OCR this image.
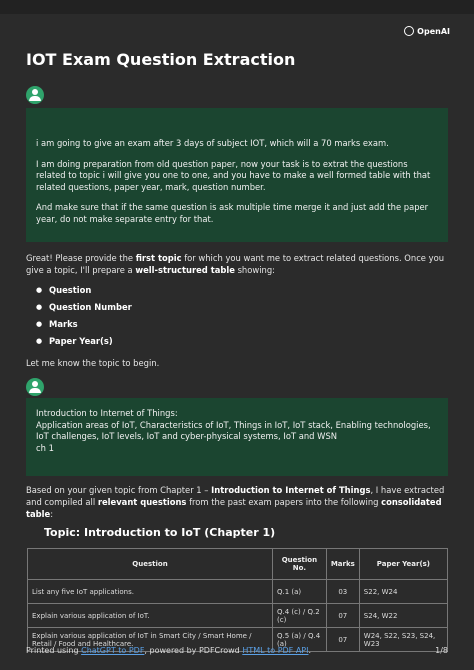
OpenAI
IOT Exam Question Extraction

i am going to give an exam after 3 days of subject IOT, which will a 70 marks exam.

I am doing preparation from old question paper, now your task is to extrat the questions related to topic i will give you one to one, and you have to make a well formed table with that related questions, paper year, mark, question number.

And make sure that if the same question is ask multiple time merge it and just add the paper year, do not make separate entry for that.

Great! Please provide the first topic for which you want me to extract related questions. Once you give a topic, I'll prepare a well-structured table showing:

● Question
● Question Number
● Marks
● Paper Year(s)

Let me know the topic to begin.

Introduction to Internet of Things:
Application areas of IoT, Characteristics of IoT, Things in IoT, IoT stack, Enabling technologies, IoT challenges, IoT levels, IoT and cyber-physical systems, IoT and WSN
ch 1

Based on your given topic from Chapter 1 – Introduction to Internet of Things, I have extracted and compiled all relevant questions from the past exam papers into the following consolidated table:

Topic: Introduction to IoT (Chapter 1)
Question	Question No.	Marks	Paper Year(s)
List any five IoT applications.	Q.1 (a)	03	S22, W24
Explain various application of IoT.	Q.4 (c) / Q.2 (c)	07	S24, W22
Explain various application of IoT in Smart City / Smart Home / Retail / Food and Healthcare.	Q.5 (a) / Q.4 (a)	07	W24, S22, S23, S24, W23
Printed using ChatGPT to PDF, powered by PDFCrowd HTML to PDF API.	1/8
